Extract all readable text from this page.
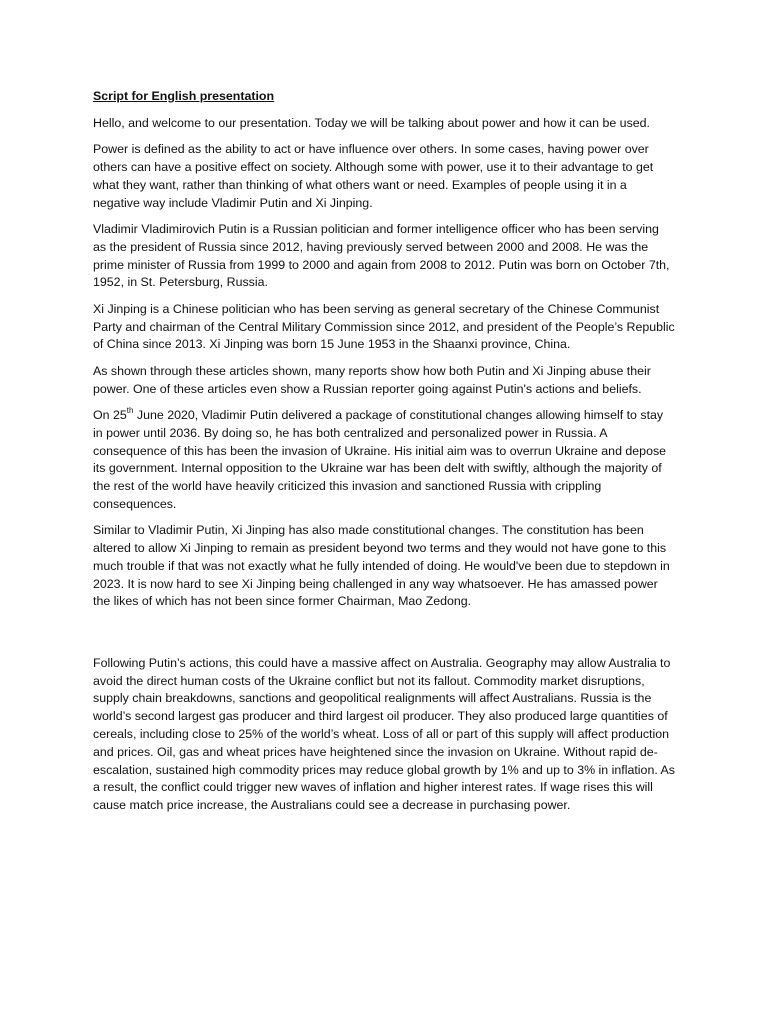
Script for English presentation
Hello, and welcome to our presentation. Today we will be talking about power and how it can be used.
Power is defined as the ability to act or have influence over others. In some cases, having power over others can have a positive effect on society. Although some with power, use it to their advantage to get what they want, rather than thinking of what others want or need. Examples of people using it in a negative way include Vladimir Putin and Xi Jinping.
Vladimir Vladimirovich Putin is a Russian politician and former intelligence officer who has been serving as the president of Russia since 2012, having previously served between 2000 and 2008. He was the prime minister of Russia from 1999 to 2000 and again from 2008 to 2012. Putin was born on October 7th, 1952, in St. Petersburg, Russia.
Xi Jinping is a Chinese politician who has been serving as general secretary of the Chinese Communist Party and chairman of the Central Military Commission since 2012, and president of the People’s Republic of China since 2013. Xi Jinping was born 15 June 1953 in the Shaanxi province, China.
As shown through these articles shown, many reports show how both Putin and Xi Jinping abuse their power. One of these articles even show a Russian reporter going against Putin's actions and beliefs.
On 25th June 2020, Vladimir Putin delivered a package of constitutional changes allowing himself to stay in power until 2036. By doing so, he has both centralized and personalized power in Russia. A consequence of this has been the invasion of Ukraine. His initial aim was to overrun Ukraine and depose its government. Internal opposition to the Ukraine war has been delt with swiftly, although the majority of the rest of the world have heavily criticized this invasion and sanctioned Russia with crippling consequences.
Similar to Vladimir Putin, Xi Jinping has also made constitutional changes. The constitution has been altered to allow Xi Jinping to remain as president beyond two terms and they would not have gone to this much trouble if that was not exactly what he fully intended of doing. He would've been due to stepdown in 2023. It is now hard to see Xi Jinping being challenged in any way whatsoever. He has amassed power the likes of which has not been since former Chairman, Mao Zedong.
Following Putin’s actions, this could have a massive affect on Australia. Geography may allow Australia to avoid the direct human costs of the Ukraine conflict but not its fallout. Commodity market disruptions, supply chain breakdowns, sanctions and geopolitical realignments will affect Australians. Russia is the world’s second largest gas producer and third largest oil producer. They also produced large quantities of cereals, including close to 25% of the world’s wheat. Loss of all or part of this supply will affect production and prices. Oil, gas and wheat prices have heightened since the invasion on Ukraine. Without rapid de-escalation, sustained high commodity prices may reduce global growth by 1% and up to 3% in inflation. As a result, the conflict could trigger new waves of inflation and higher interest rates. If wage rises this will cause match price increase, the Australians could see a decrease in purchasing power.
